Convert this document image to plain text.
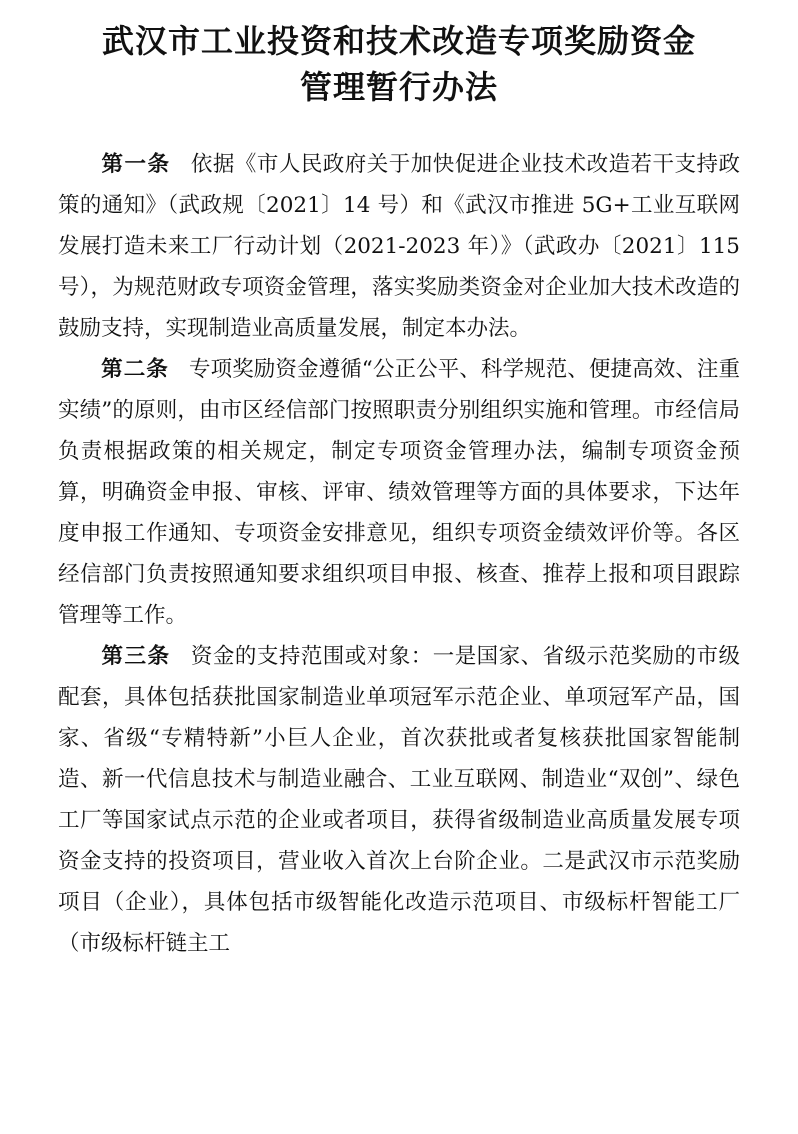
武汉市工业投资和技术改造专项奖励资金
管理暂行办法

第一条 依据《市人民政府关于加快促进企业技术改造若干支持政策的通知》（武政规〔2021〕14 号）和《武汉市推进 5G+工业互联网发展打造未来工厂行动计划（2021-2023 年）》（武政办〔2021〕115 号），为规范财政专项资金管理，落实奖励类资金对企业加大技术改造的鼓励支持，实现制造业高质量发展，制定本办法。

第二条 专项奖励资金遵循“公正公平、科学规范、便捷高效、注重实绩”的原则，由市区经信部门按照职责分别组织实施和管理。市经信局负责根据政策的相关规定，制定专项资金管理办法，编制专项资金预算，明确资金申报、审核、评审、绩效管理等方面的具体要求，下达年度申报工作通知、专项资金安排意见，组织专项资金绩效评价等。各区经信部门负责按照通知要求组织项目申报、核查、推荐上报和项目跟踪管理等工作。

第三条 资金的支持范围或对象：一是国家、省级示范奖励的市级配套，具体包括获批国家制造业单项冠军示范企业、单项冠军产品，国家、省级“专精特新”小巨人企业，首次获批或者复核获批国家智能制造、新一代信息技术与制造业融合、工业互联网、制造业“双创”、绿色工厂等国家试点示范的企业或者项目，获得省级制造业高质量发展专项资金支持的投资项目，营业收入首次上台阶企业。二是武汉市示范奖励项目（企业），具体包括市级智能化改造示范项目、市级标杆智能工厂（市级标杆链主工
